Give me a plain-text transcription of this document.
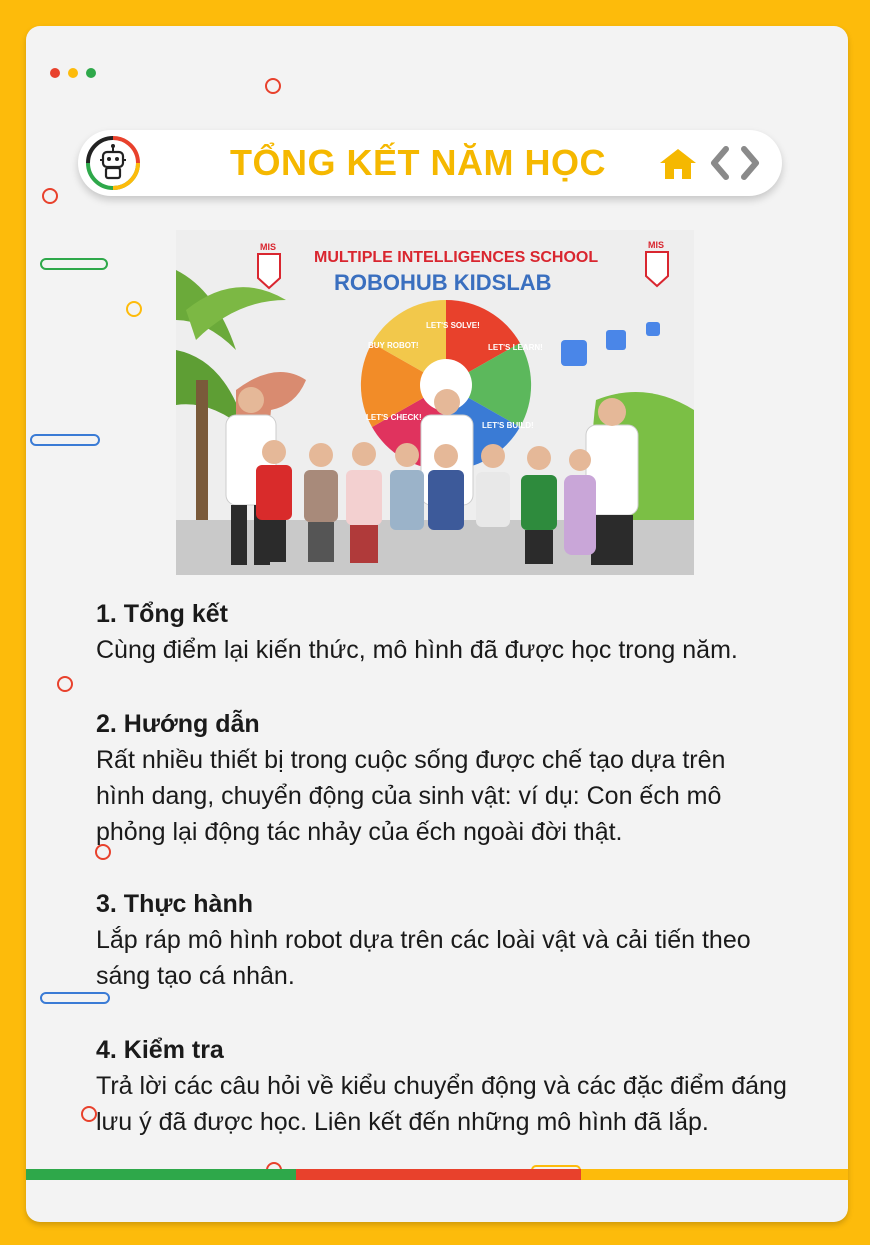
TỔNG KẾT NĂM HỌC
MULTIPLE INTELLIGENCES SCHOOL
ROBOHUB KIDSLAB
MIS	MIS
LET'S SOLVE!
LET'S LEARN!
LET'S BUILD!
LET'S CHECK!
BUY ROBOT!

1. Tổng kết

Cùng điểm lại kiến thức, mô hình đã được học trong năm.

2. Hướng dẫn

Rất nhiều thiết bị trong cuộc sống được chế tạo dựa trên

hình dang, chuyển động của sinh vật: ví dụ: Con ếch mô

phỏng lại động tác nhảy của ếch ngoài đời thật.

3. Thực hành

Lắp ráp mô hình robot dựa trên các loài vật và cải tiến theo

sáng tạo cá nhân.

4. Kiểm tra

Trả lời các câu hỏi về kiểu chuyển động và các đặc điểm đáng

lưu ý đã được học. Liên kết đến những mô hình đã lắp.
